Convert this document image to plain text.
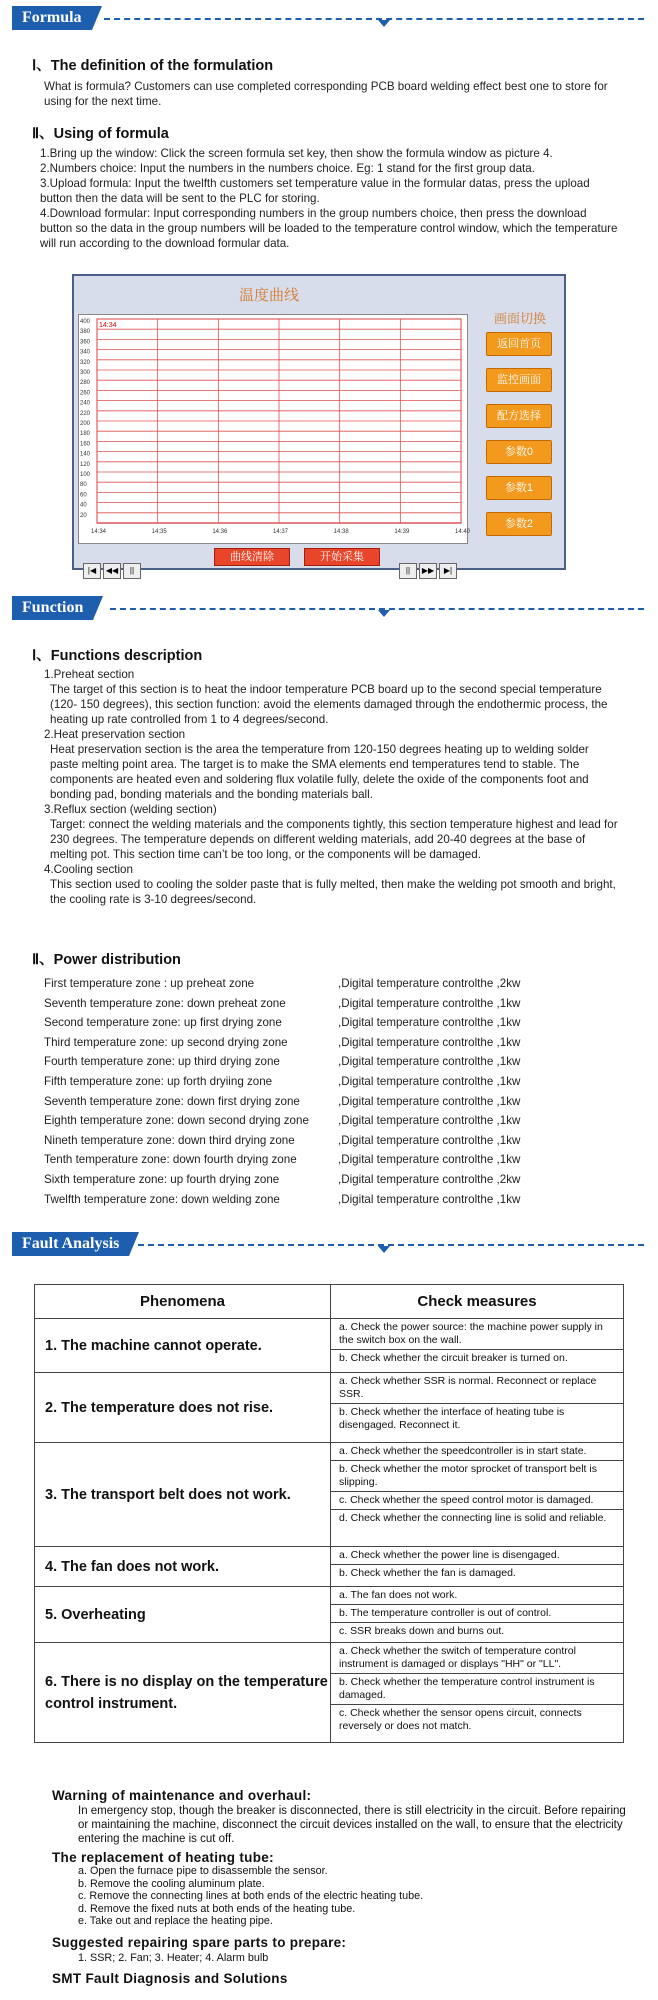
Formula
Ⅰ、The definition of the formulation
What is formula? Customers can use completed corresponding PCB board welding effect best one to store for using for the next time.
Ⅱ、Using of formula
1.Bring up the window: Click the screen formula set key, then show the formula window as picture 4.
2.Numbers choice: Input the numbers in the numbers choice. Eg: 1 stand for the first group data.
3.Upload formula: Input the twelfth customers set temperature value in the formular datas, press the upload button then the data will be sent to the PLC for storing.
4.Download formular: Input corresponding numbers in the group numbers choice, then press the download button so the data in the group numbers will be loaded to the temperature control window, which the temperature will run according to the download formular data.
温度曲线
400
380
360
340
320
300
280
260
240
220
200
180
160
140
120
100
80
60
40
20
14:34	14:35	14:36	14:37	14:38	14:39	14:40
14:34
|◀	◀◀	||	||	▶▶	▶|
画面切换
返回首页
监控画面
配方选择
参数0
参数1
参数2
曲线清除	开始采集
Function
Ⅰ、Functions description
1.Preheat section
The target of this section is to heat the indoor temperature PCB board up to the second special temperature (120- 150 degrees), this section function: avoid the elements damaged through the endothermic process, the heating up rate controlled from 1 to 4 degrees/second.
2.Heat preservation section
Heat preservation section is the area the temperature from 120-150 degrees heating up to welding solder paste melting point area. The target is to make the SMA elements end temperatures tend to stable. The components are heated even and soldering flux volatile fully, delete the oxide of the components foot and bonding pad, bonding materials and the bonding materials ball.
3.Reflux section (welding section)
Target: connect the welding materials and the components tightly, this section temperature highest and lead for 230 degrees. The temperature depends on different welding materials, add 20-40 degrees at the base of melting pot. This section time can’t be too long, or the components will be damaged.
4.Cooling section
This section used to cooling the solder paste that is fully melted, then make the welding pot smooth and bright, the cooling rate is 3-10 degrees/second.
Ⅱ、Power distribution
First temperature zone : up preheat zone	,Digital temperature controlthe ,2kw
Seventh temperature zone: down preheat zone	,Digital temperature controlthe ,1kw
Second temperature zone: up first drying zone	,Digital temperature controlthe ,1kw
Third temperature zone: up second drying zone	,Digital temperature controlthe ,1kw
Fourth temperature zone: up third drying zone	,Digital temperature controlthe ,1kw
Fifth temperature zone: up forth dryiing zone	,Digital temperature controlthe ,1kw
Seventh temperature zone: down first drying zone	,Digital temperature controlthe ,1kw
Eighth temperature zone: down second drying zone	,Digital temperature controlthe ,1kw
Nineth temperature zone: down third drying zone	,Digital temperature controlthe ,1kw
Tenth temperature zone: down fourth drying zone	,Digital temperature controlthe ,1kw
Sixth temperature zone: up fourth drying zone	,Digital temperature controlthe ,2kw
Twelfth temperature zone: down welding zone	,Digital temperature controlthe ,1kw
Fault Analysis
Phenomena	Check measures
1. The machine cannot operate.	a. Check the power source: the machine power supply in the switch box on the wall.
b. Check whether the circuit breaker is turned on.

2. The temperature does not rise.	a. Check whether SSR is normal. Reconnect or replace SSR.
b. Check whether the interface of heating tube is disengaged. Reconnect it.

3. The transport belt does not work.	a. Check whether the speedcontroller is in start state.
b. Check whether the motor sprocket of transport belt is slipping.
c. Check whether the speed control motor is damaged.
d. Check whether the connecting line is solid and reliable.

4. The fan does not work.	a. Check whether the power line is disengaged.
b. Check whether the fan is damaged.

5. Overheating	a. The fan does not work.
b. The temperature controller is out of control.
c. SSR breaks down and burns out.

6. There is no display on the temperature control instrument.	a. Check whether the switch of temperature control instrument is damaged or displays "HH" or "LL".
b. Check whether the temperature control instrument is damaged.
c. Check whether the sensor opens circuit, connects reversely or does not match.
Warning of maintenance and overhaul:
In emergency stop, though the breaker is disconnected, there is still electricity in the circuit. Before repairing or maintaining the machine, disconnect the circuit devices installed on the wall, to ensure that the electricity entering the machine is cut off.
The replacement of heating tube:
a. Open the furnace pipe to disassemble the sensor.
b. Remove the cooling aluminum plate.
c. Remove the connecting lines at both ends of the electric heating tube.
d. Remove the fixed nuts at both ends of the heating tube.
e. Take out and replace the heating pipe.
Suggested repairing spare parts to prepare:
1. SSR; 2. Fan; 3. Heater; 4. Alarm bulb
SMT Fault Diagnosis and Solutions
